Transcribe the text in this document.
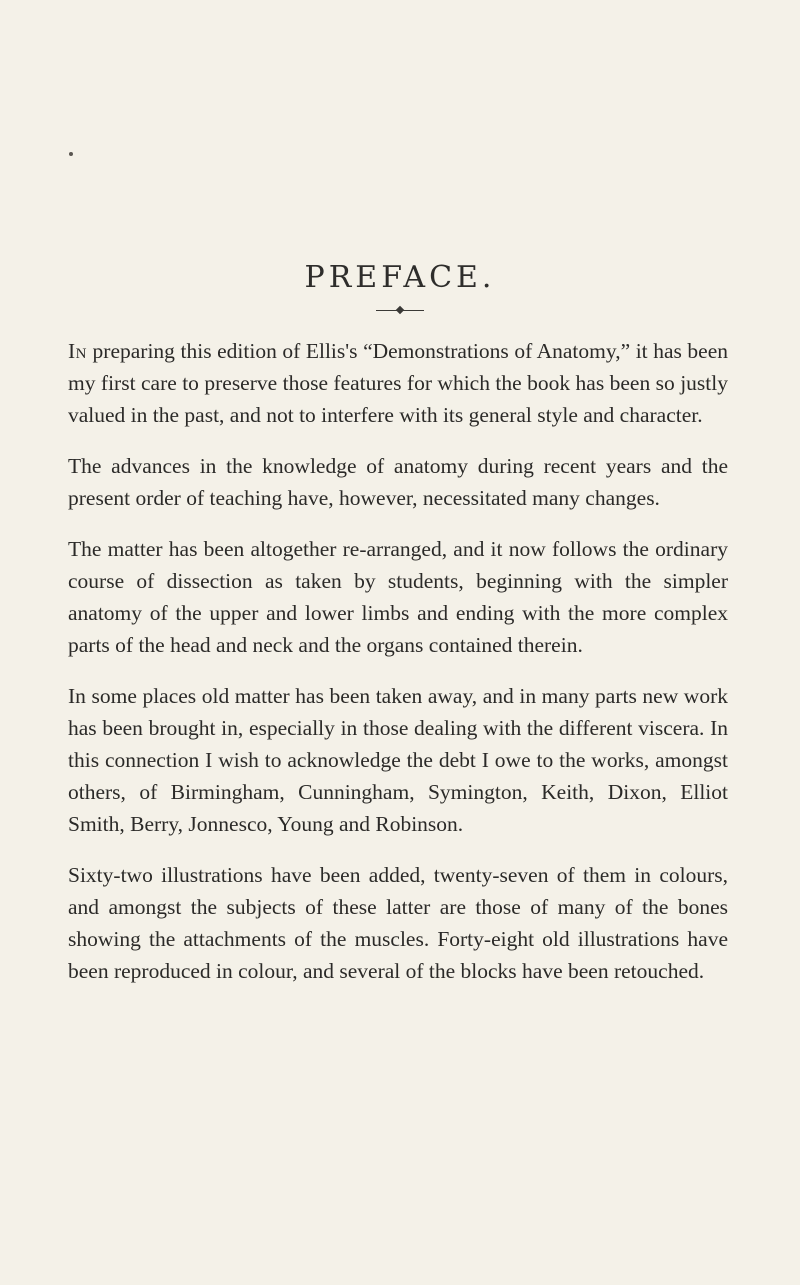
PREFACE.

In preparing this edition of Ellis's “Demonstrations of Anatomy,” it has been my first care to preserve those features for which the book has been so justly valued in the past, and not to interfere with its general style and character.

The advances in the knowledge of anatomy during recent years and the present order of teaching have, however, necessitated many changes.

The matter has been altogether re-arranged, and it now follows the ordinary course of dissection as taken by students, beginning with the simpler anatomy of the upper and lower limbs and ending with the more complex parts of the head and neck and the organs contained therein.

In some places old matter has been taken away, and in many parts new work has been brought in, especially in those dealing with the different viscera. In this connection I wish to acknowledge the debt I owe to the works, amongst others, of Birmingham, Cunningham, Symington, Keith, Dixon, Elliot Smith, Berry, Jonnesco, Young and Robinson.

Sixty-two illustrations have been added, twenty-seven of them in colours, and amongst the subjects of these latter are those of many of the bones showing the attachments of the muscles. Forty-eight old illustrations have been reproduced in colour, and several of the blocks have been retouched.
